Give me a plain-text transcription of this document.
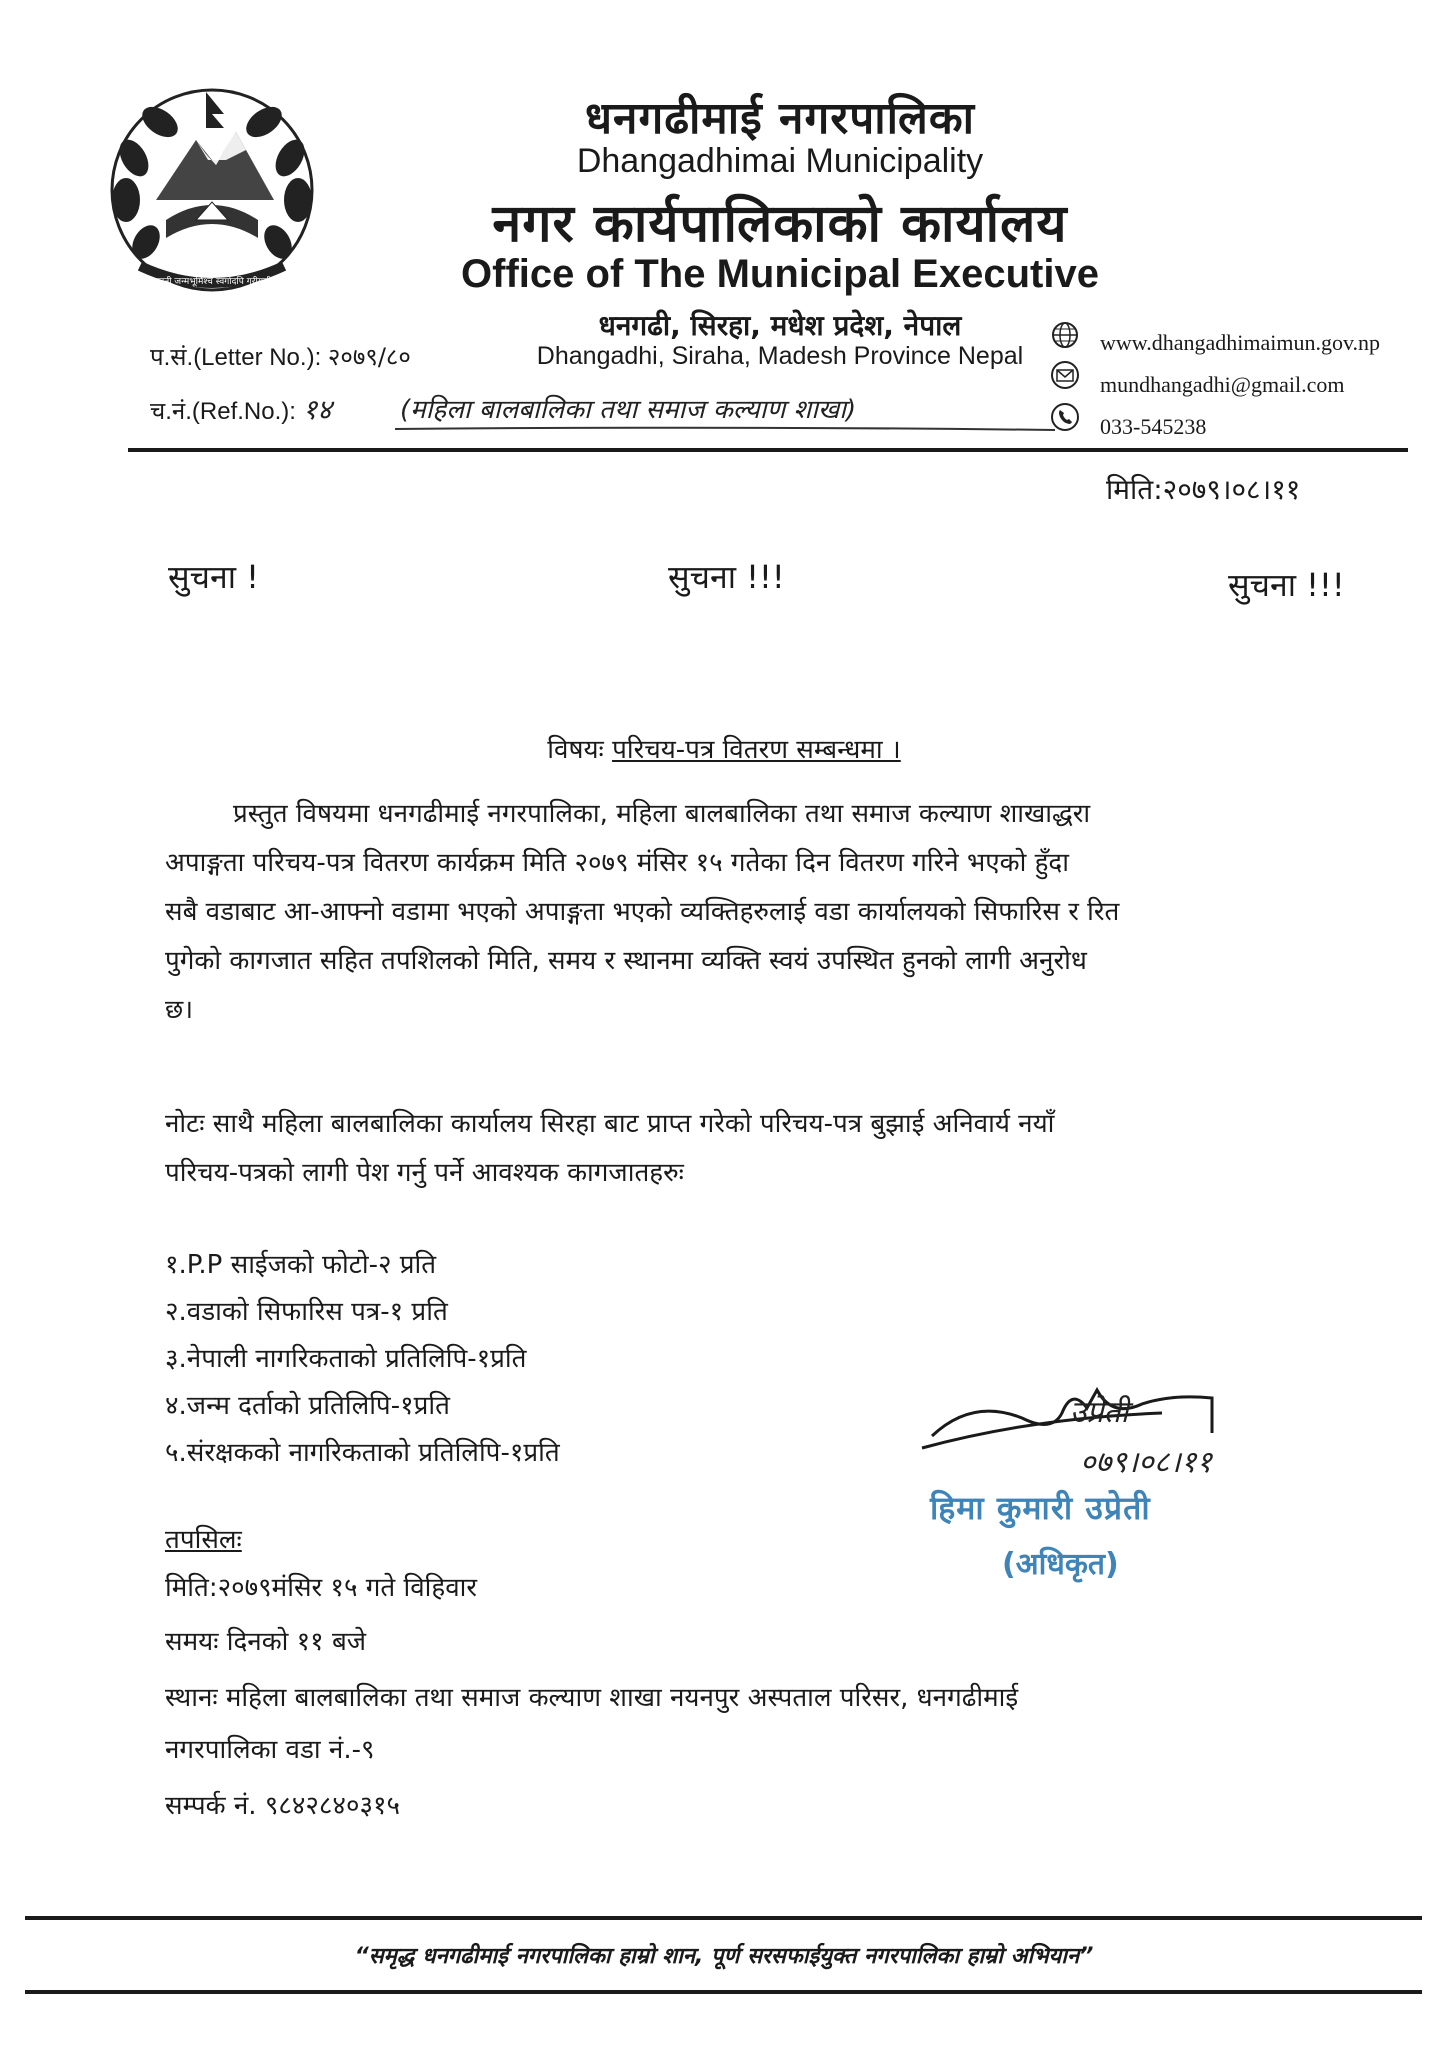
जननी जन्मभूमिश्च स्वर्गादपि गरीयसी
धनगढीमाई नगरपालिका
Dhangadhimai Municipality
नगर कार्यपालिकाको कार्यालय
Office of The Municipal Executive
धनगढी, सिरहा, मधेश प्रदेश, नेपाल
Dhangadhi, Siraha, Madesh Province Nepal
प.सं.(Letter No.): २०७९/८०
च.नं.(Ref.No.): १४	(महिला बालबालिका तथा समाज कल्याण शाखा)
www.dhangadhimaimun.gov.np
mundhangadhi@gmail.com
033-545238
मिति:२०७९।०८।११
सुचना !	सुचना !!!	सुचना !!!
विषयः परिचय-पत्र वितरण सम्बन्धमा ।
प्रस्तुत विषयमा धनगढीमाई नगरपालिका, महिला बालबालिका तथा समाज कल्याण शाखाद्धरा
अपाङ्गता परिचय-पत्र वितरण कार्यक्रम मिति २०७९ मंसिर १५ गतेका दिन वितरण गरिने भएको हुँदा
सबै वडाबाट आ-आफ्नो वडामा भएको अपाङ्गता भएको व्यक्तिहरुलाई वडा कार्यालयको सिफारिस र रित
पुगेको कागजात सहित तपशिलको मिति, समय र स्थानमा व्यक्ति स्वयं उपस्थित हुनको लागी अनुरोध
छ।
नोटः साथै महिला बालबालिका कार्यालय सिरहा बाट प्राप्त गरेको परिचय-पत्र बुझाई अनिवार्य नयाँ
परिचय-पत्रको लागी पेश गर्नु पर्ने आवश्यक कागजातहरुः
१.P.P साईजको फोटो-२ प्रति
२.वडाको सिफारिस पत्र-१ प्रति
३.नेपाली नागरिकताको प्रतिलिपि-१प्रति
४.जन्म दर्ताको प्रतिलिपि-१प्रति
५.संरक्षकको नागरिकताको प्रतिलिपि-१प्रति
उप्रेती
०७९।०८।११
हिमा कुमारी उप्रेती
(अधिकृत)
तपसिलः
मिति:२०७९मंसिर १५ गते विहिवार
समयः दिनको ११ बजे
स्थानः महिला बालबालिका तथा समाज कल्याण शाखा नयनपुर अस्पताल परिसर, धनगढीमाई
नगरपालिका वडा नं.-९
सम्पर्क नं. ९८४२८४०३१५
“समृद्ध धनगढीमाई नगरपालिका हाम्रो शान, पूर्ण सरसफाईयुक्त नगरपालिका हाम्रो अभियान”
